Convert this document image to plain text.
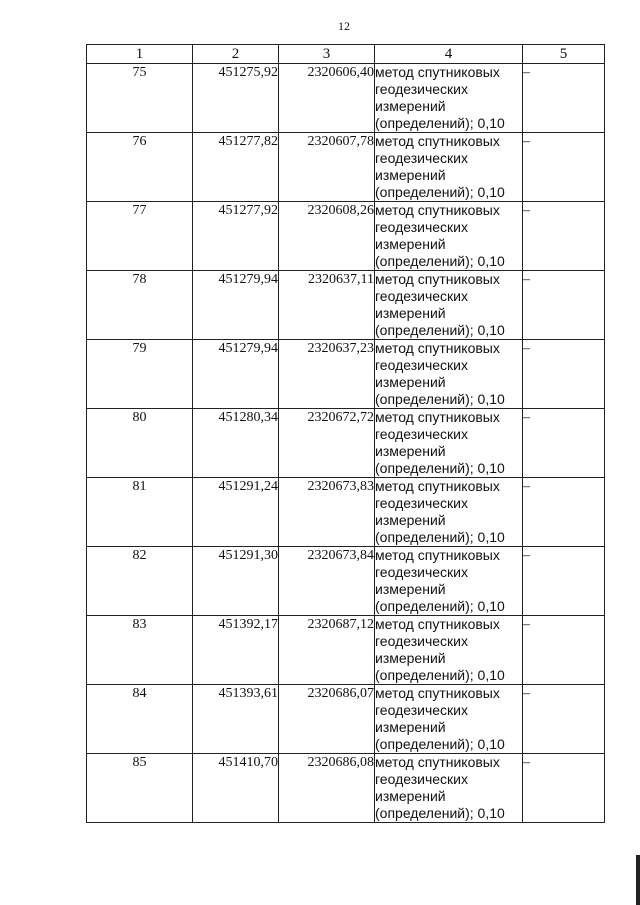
12
1	2	3	4	5
75	451275,92	2320606,40	метод спутниковых
геодезических
измерений
(определений); 0,10	–
76	451277,82	2320607,78	метод спутниковых
геодезических
измерений
(определений); 0,10	–
77	451277,92	2320608,26	метод спутниковых
геодезических
измерений
(определений); 0,10	–
78	451279,94	2320637,11	метод спутниковых
геодезических
измерений
(определений); 0,10	–
79	451279,94	2320637,23	метод спутниковых
геодезических
измерений
(определений); 0,10	–
80	451280,34	2320672,72	метод спутниковых
геодезических
измерений
(определений); 0,10	–
81	451291,24	2320673,83	метод спутниковых
геодезических
измерений
(определений); 0,10	–
82	451291,30	2320673,84	метод спутниковых
геодезических
измерений
(определений); 0,10	–
83	451392,17	2320687,12	метод спутниковых
геодезических
измерений
(определений); 0,10	–
84	451393,61	2320686,07	метод спутниковых
геодезических
измерений
(определений); 0,10	–
85	451410,70	2320686,08	метод спутниковых
геодезических
измерений
(определений); 0,10	–
